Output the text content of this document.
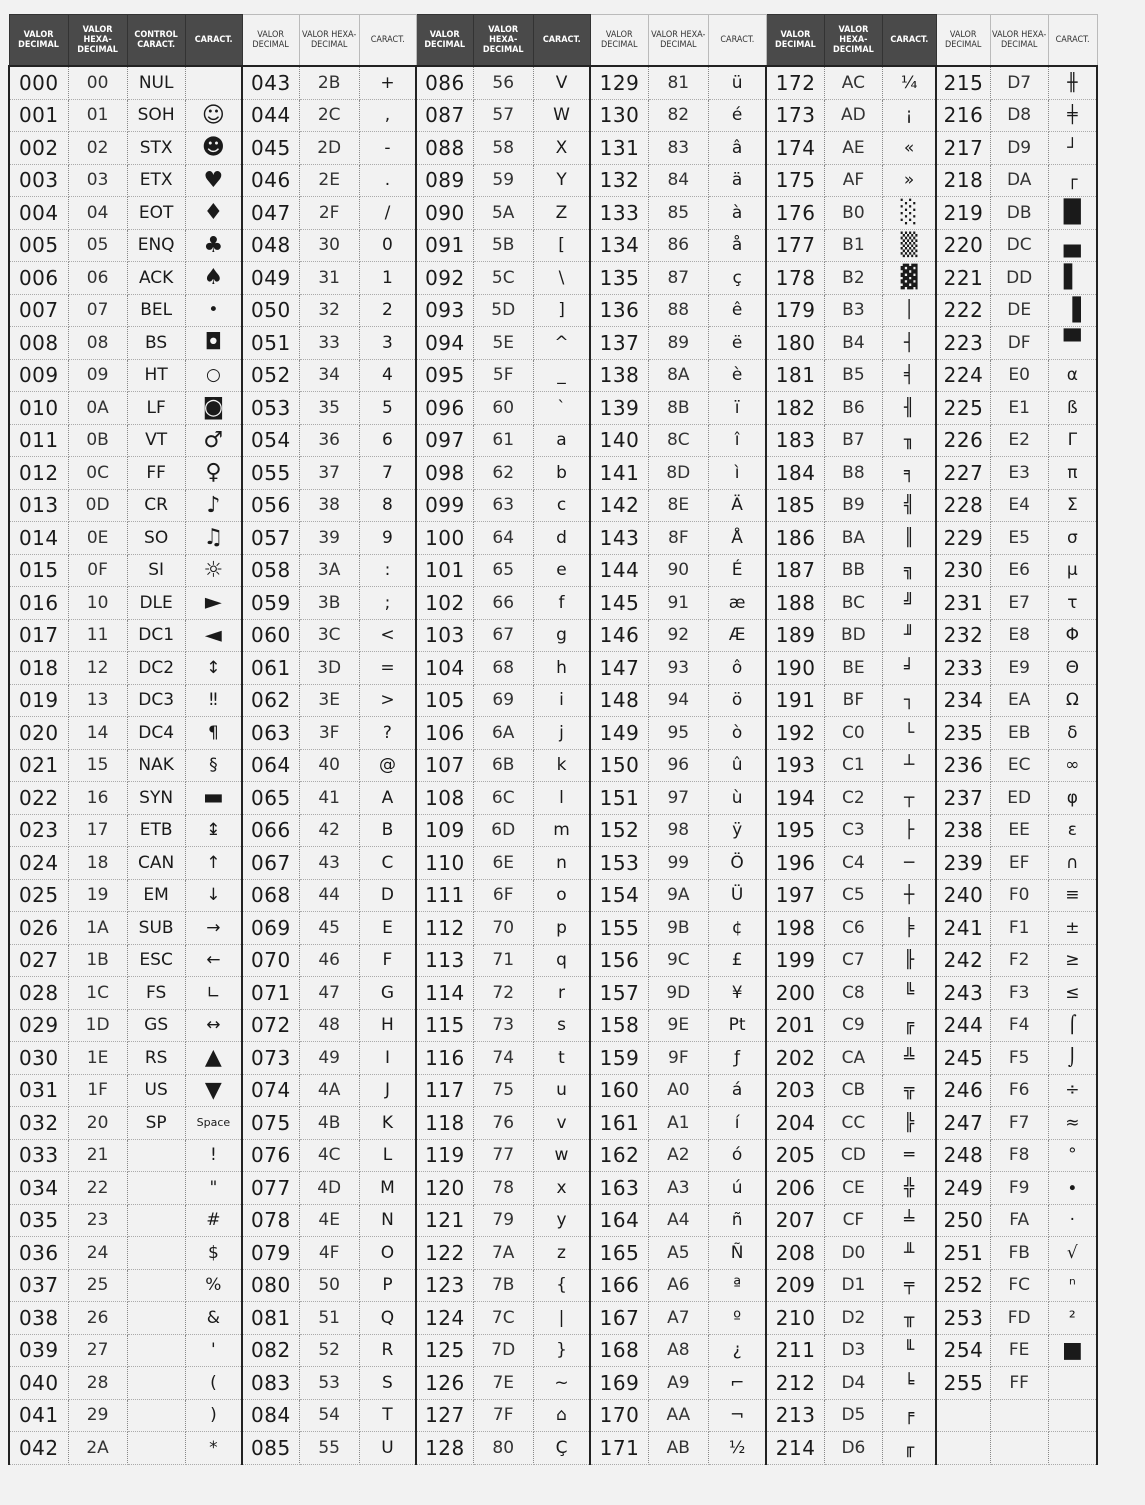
VALOR DECIMAL	VALOR HEXA- DECIMAL	CONTROL CARACT.	CARACT.	VALOR DECIMAL	VALOR HEXA- DECIMAL	CARACT.	VALOR DECIMAL	VALOR HEXA- DECIMAL	CARACT.	VALOR DECIMAL	VALOR HEXA- DECIMAL	CARACT.	VALOR DECIMAL	VALOR HEXA- DECIMAL	CARACT.	VALOR DECIMAL	VALOR HEXA- DECIMAL	CARACT.
000	00	NUL		043	2B	+	086	56	V	129	81	ü	172	AC	¼	215	D7	╫
001	01	SOH	☺	044	2C	,	087	57	W	130	82	é	173	AD	¡	216	D8	╪
002	02	STX	☻	045	2D	-	088	58	X	131	83	â	174	AE	«	217	D9	┘
003	03	ETX	♥	046	2E	.	089	59	Y	132	84	ä	175	AF	»	218	DA	┌
004	04	EOT	♦	047	2F	/	090	5A	Z	133	85	à	176	B0	░	219	DB	█
005	05	ENQ	♣	048	30	0	091	5B	[	134	86	å	177	B1	▒	220	DC	▄
006	06	ACK	♠	049	31	1	092	5C	\	135	87	ç	178	B2	▓	221	DD	▌
007	07	BEL	•	050	32	2	093	5D	]	136	88	ê	179	B3	│	222	DE	▐
008	08	BS	◘	051	33	3	094	5E	^	137	89	ë	180	B4	┤	223	DF	▀
009	09	HT	○	052	34	4	095	5F	_	138	8A	è	181	B5	╡	224	E0	α
010	0A	LF	◙	053	35	5	096	60	`	139	8B	ï	182	B6	╢	225	E1	ß
011	0B	VT	♂	054	36	6	097	61	a	140	8C	î	183	B7	╖	226	E2	Γ
012	0C	FF	♀	055	37	7	098	62	b	141	8D	ì	184	B8	╕	227	E3	π
013	0D	CR	♪	056	38	8	099	63	c	142	8E	Ä	185	B9	╣	228	E4	Σ
014	0E	SO	♫	057	39	9	100	64	d	143	8F	Å	186	BA	║	229	E5	σ
015	0F	SI	☼	058	3A	:	101	65	e	144	90	É	187	BB	╗	230	E6	µ
016	10	DLE	►	059	3B	;	102	66	f	145	91	æ	188	BC	╝	231	E7	τ
017	11	DC1	◄	060	3C	<	103	67	g	146	92	Æ	189	BD	╜	232	E8	Φ
018	12	DC2	↕	061	3D	=	104	68	h	147	93	ô	190	BE	╛	233	E9	Θ
019	13	DC3	‼	062	3E	>	105	69	i	148	94	ö	191	BF	┐	234	EA	Ω
020	14	DC4	¶	063	3F	?	106	6A	j	149	95	ò	192	C0	└	235	EB	δ
021	15	NAK	§	064	40	@	107	6B	k	150	96	û	193	C1	┴	236	EC	∞
022	16	SYN	▬	065	41	A	108	6C	l	151	97	ù	194	C2	┬	237	ED	φ
023	17	ETB	↨	066	42	B	109	6D	m	152	98	ÿ	195	C3	├	238	EE	ε
024	18	CAN	↑	067	43	C	110	6E	n	153	99	Ö	196	C4	─	239	EF	∩
025	19	EM	↓	068	44	D	111	6F	o	154	9A	Ü	197	C5	┼	240	F0	≡
026	1A	SUB	→	069	45	E	112	70	p	155	9B	¢	198	C6	╞	241	F1	±
027	1B	ESC	←	070	46	F	113	71	q	156	9C	£	199	C7	╟	242	F2	≥
028	1C	FS	∟	071	47	G	114	72	r	157	9D	¥	200	C8	╚	243	F3	≤
029	1D	GS	↔	072	48	H	115	73	s	158	9E	Pt	201	C9	╔	244	F4	⌠
030	1E	RS	▲	073	49	I	116	74	t	159	9F	ƒ	202	CA	╩	245	F5	⌡
031	1F	US	▼	074	4A	J	117	75	u	160	A0	á	203	CB	╦	246	F6	÷
032	20	SP	Space	075	4B	K	118	76	v	161	A1	í	204	CC	╠	247	F7	≈
033	21		!	076	4C	L	119	77	w	162	A2	ó	205	CD	═	248	F8	°
034	22		"	077	4D	M	120	78	x	163	A3	ú	206	CE	╬	249	F9	∙
035	23		#	078	4E	N	121	79	y	164	A4	ñ	207	CF	╧	250	FA	·
036	24		$	079	4F	O	122	7A	z	165	A5	Ñ	208	D0	╨	251	FB	√
037	25		%	080	50	P	123	7B	{	166	A6	ª	209	D1	╤	252	FC	ⁿ
038	26		&	081	51	Q	124	7C	|	167	A7	º	210	D2	╥	253	FD	²
039	27		'	082	52	R	125	7D	}	168	A8	¿	211	D3	╙	254	FE	■
040	28		(	083	53	S	126	7E	~	169	A9	⌐	212	D4	╘	255	FF	
041	29		)	084	54	T	127	7F	⌂	170	AA	¬	213	D5	╒			
042	2A		*	085	55	U	128	80	Ç	171	AB	½	214	D6	╓			
